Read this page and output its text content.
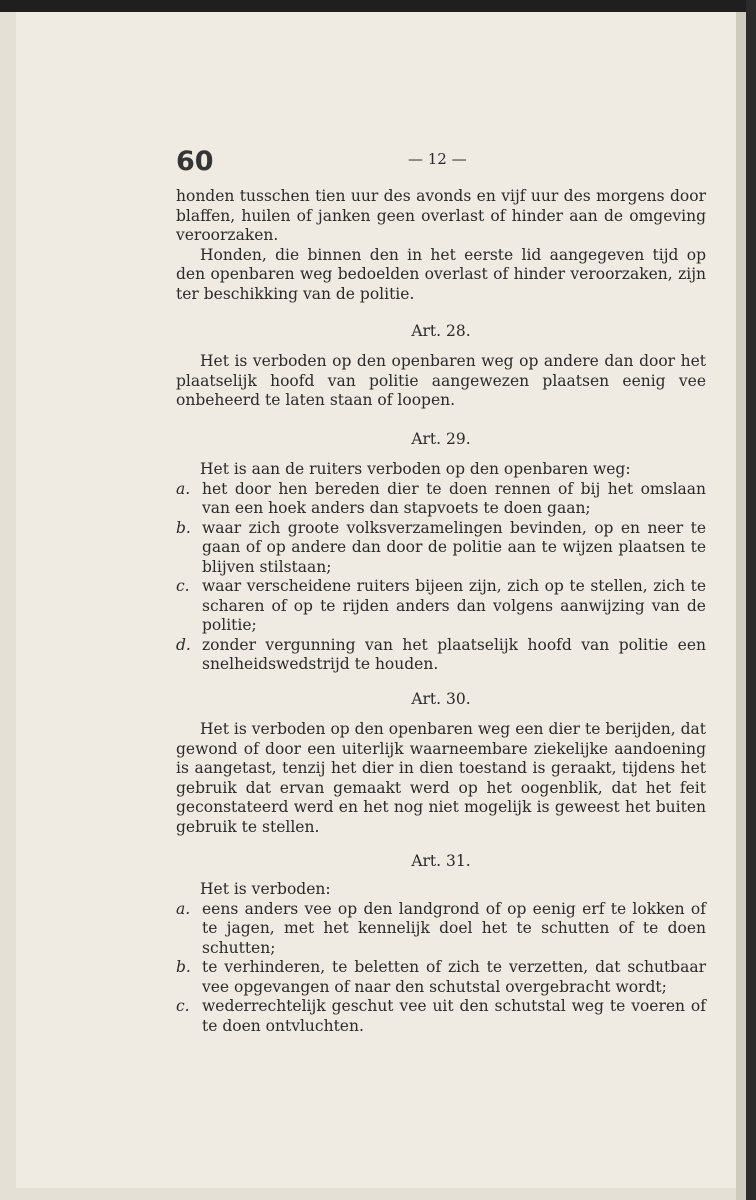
60	— 12 —

honden tusschen tien uur des avonds en vijf uur des morgens door blaffen, huilen of janken geen overlast of hinder aan de omgeving veroorzaken.

Honden, die binnen den in het eerste lid aangegeven tijd op den openbaren weg bedoelden overlast of hinder veroorzaken, zijn ter beschikking van de politie.

Art. 28.

Het is verboden op den openbaren weg op andere dan door het plaatselijk hoofd van politie aangewezen plaatsen eenig vee onbeheerd te laten staan of loopen.

Art. 29.

Het is aan de ruiters verboden op den openbaren weg:

a. het door hen bereden dier te doen rennen of bij het omslaan van een hoek anders dan stapvoets te doen gaan;
b. waar zich groote volksverzamelingen bevinden, op en neer te gaan of op andere dan door de politie aan te wijzen plaatsen te blijven stilstaan;
c. waar verscheidene ruiters bijeen zijn, zich op te stellen, zich te scharen of op te rijden anders dan volgens aanwijzing van de politie;
d. zonder vergunning van het plaatselijk hoofd van politie een snelheidswedstrijd te houden.

Art. 30.

Het is verboden op den openbaren weg een dier te berijden, dat gewond of door een uiterlijk waarneembare ziekelijke aandoening is aangetast, tenzij het dier in dien toestand is geraakt, tijdens het gebruik dat ervan gemaakt werd op het oogenblik, dat het feit geconstateerd werd en het nog niet mogelijk is geweest het buiten gebruik te stellen.

Art. 31.

Het is verboden:

a. eens anders vee op den landgrond of op eenig erf te lokken of te jagen, met het kennelijk doel het te schutten of te doen schutten;
b. te verhinderen, te beletten of zich te verzetten, dat schutbaar vee opgevangen of naar den schutstal overgebracht wordt;
c. wederrechtelijk geschut vee uit den schutstal weg te voeren of te doen ontvluchten.
